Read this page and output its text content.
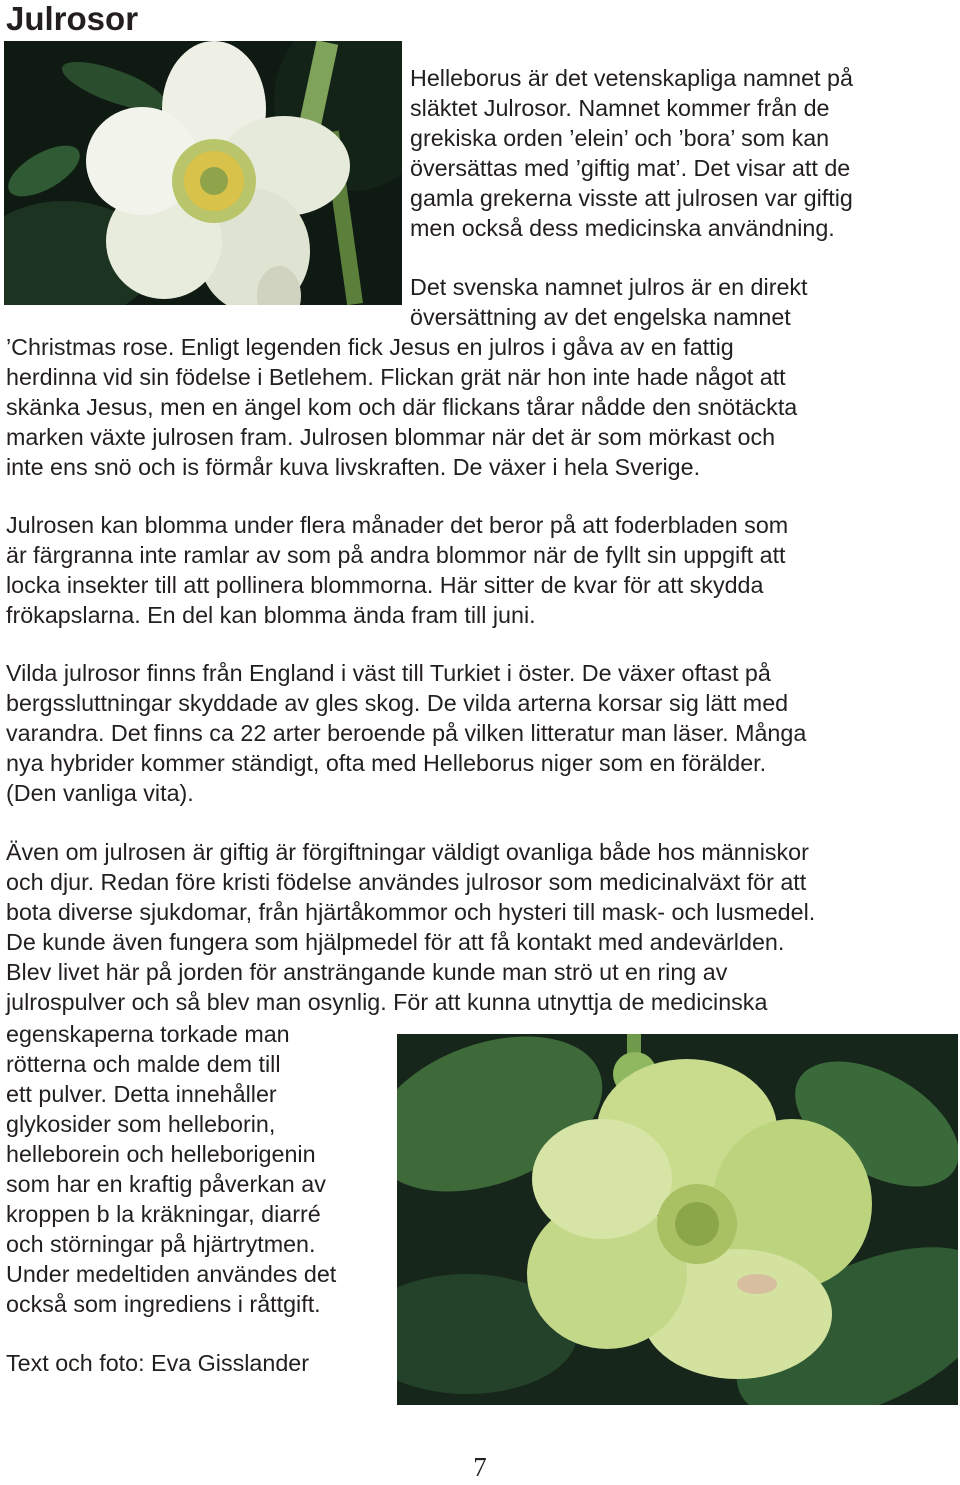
Julrosor

Helleborus är det vetenskapliga namnet på
släktet Julrosor. Namnet kommer från de
grekiska orden ’elein’ och ’bora’ som kan
översättas med ’giftig mat’. Det visar att de
gamla grekerna visste att julrosen var giftig
men också dess medicinska användning.

Det svenska namnet julros är en direkt
översättning av det engelska namnet

’Christmas rose. Enligt legenden fick Jesus en julros i gåva av en fattig
herdinna vid sin födelse i Betlehem. Flickan grät när hon inte hade något att
skänka Jesus, men en ängel kom och där flickans tårar nådde den snötäckta
marken växte julrosen fram. Julrosen blommar när det är som mörkast och
inte ens snö och is förmår kuva livskraften. De växer i hela Sverige.

Julrosen kan blomma under flera månader det beror på att foderbladen som
är färgranna inte ramlar av som på andra blommor när de fyllt sin uppgift att
locka insekter till att pollinera blommorna. Här sitter de kvar för att skydda
frökapslarna. En del kan blomma ända fram till juni.

Vilda julrosor finns från England i väst till Turkiet i öster. De växer oftast på
bergssluttningar skyddade av gles skog. De vilda arterna korsar sig lätt med
varandra. Det finns ca 22 arter beroende på vilken litteratur man läser. Många
nya hybrider kommer ständigt, ofta med Helleborus niger som en förälder.
(Den vanliga vita).

Även om julrosen är giftig är förgiftningar väldigt ovanliga både hos människor
och djur. Redan före kristi födelse användes julrosor som medicinalväxt för att
bota diverse sjukdomar, från hjärtåkommor och hysteri till mask- och lusmedel.
De kunde även fungera som hjälpmedel för att få kontakt med andevärlden.
Blev livet här på jorden för ansträngande kunde man strö ut en ring av
julrospulver och så blev man osynlig. För att kunna utnyttja de medicinska

egenskaperna torkade man
rötterna och malde dem till
ett pulver. Detta innehåller
glykosider som helleborin,
helleborein och helleborigenin
som har en kraftig påverkan av
kroppen b la kräkningar, diarré
och störningar på hjärtrytmen.
Under medeltiden användes det
också som ingrediens i råttgift.

Text och foto: Eva Gisslander

7
